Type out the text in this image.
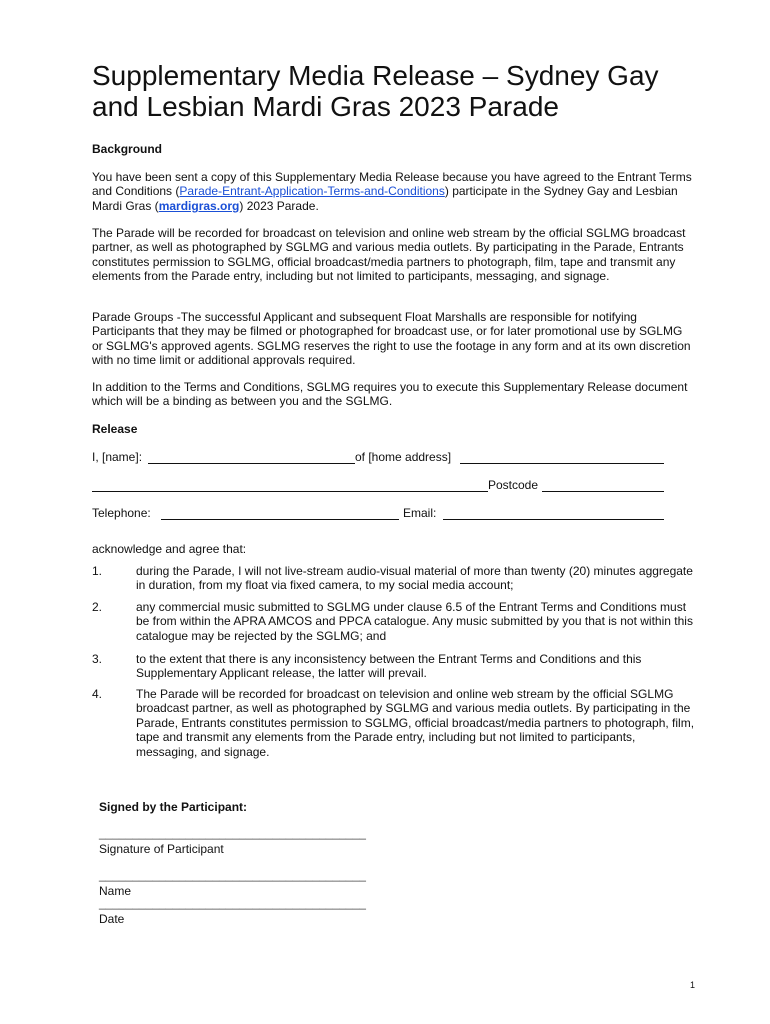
Supplementary Media Release – Sydney Gay and Lesbian Mardi Gras 2023 Parade
Background
You have been sent a copy of this Supplementary Media Release because you have agreed to the Entrant Terms and Conditions (Parade-Entrant-Application-Terms-and-Conditions) participate in the Sydney Gay and Lesbian Mardi Gras (mardigras.org) 2023 Parade.
The Parade will be recorded for broadcast on television and online web stream by the official SGLMG broadcast partner, as well as photographed by SGLMG and various media outlets. By participating in the Parade, Entrants constitutes permission to SGLMG, official broadcast/media partners to photograph, film, tape and transmit any elements from the Parade entry, including but not limited to participants, messaging, and signage.
Parade Groups -The successful Applicant and subsequent Float Marshalls are responsible for notifying Participants that they may be filmed or photographed for broadcast use, or for later promotional use by SGLMG or SGLMG's approved agents. SGLMG reserves the right to use the footage in any form and at its own discretion with no time limit or additional approvals required.
In addition to the Terms and Conditions, SGLMG requires you to execute this Supplementary Release document which will be a binding as between you and the SGLMG.
Release
I, [name]:	of [home address]
Postcode
Telephone:	Email:
acknowledge and agree that:
1.	during the Parade, I will not live-stream audio-visual material of more than twenty (20) minutes aggregate in duration, from my float via fixed camera, to my social media account;
2.	any commercial music submitted to SGLMG under clause 6.5 of the Entrant Terms and Conditions must be from within the APRA AMCOS and PPCA catalogue. Any music submitted by you that is not within this catalogue may be rejected by the SGLMG; and
3.	to the extent that there is any inconsistency between the Entrant Terms and Conditions and this Supplementary Applicant release, the latter will prevail.
4.	The Parade will be recorded for broadcast on television and online web stream by the official SGLMG broadcast partner, as well as photographed by SGLMG and various media outlets. By participating in the Parade, Entrants constitutes permission to SGLMG, official broadcast/media partners to photograph, film, tape and transmit any elements from the Parade entry, including but not limited to participants, messaging, and signage.
Signed by the Participant:
________________________________________
Signature of Participant
________________________________________
Name
________________________________________
Date
1
